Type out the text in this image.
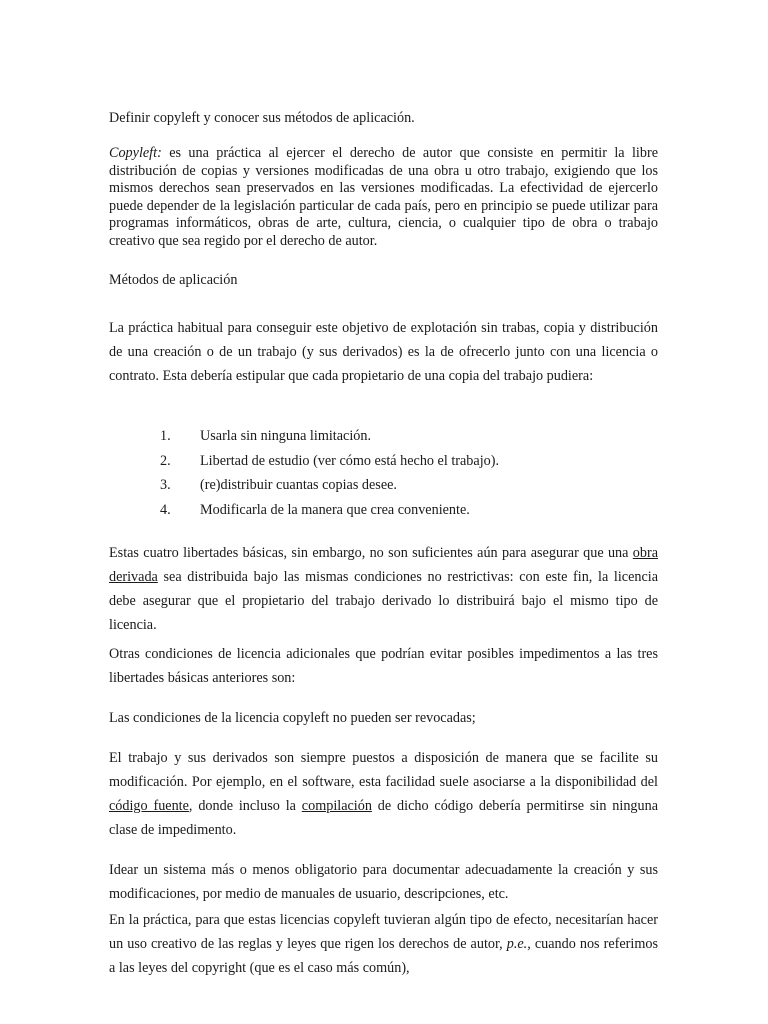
Definir copyleft y conocer sus métodos de aplicación.

Copyleft: es una práctica al ejercer el derecho de autor que consiste en permitir la libre distribución de copias y versiones modificadas de una obra u otro trabajo, exigiendo que los mismos derechos sean preservados en las versiones modificadas. La efectividad de ejercerlo puede depender de la legislación particular de cada país, pero en principio se puede utilizar para programas informáticos, obras de arte, cultura, ciencia, o cualquier tipo de obra o trabajo creativo que sea regido por el derecho de autor.

Métodos de aplicación

La práctica habitual para conseguir este objetivo de explotación sin trabas, copia y distribución de una creación o de un trabajo (y sus derivados) es la de ofrecerlo junto con una licencia o contrato. Esta debería estipular que cada propietario de una copia del trabajo pudiera:

1. Usarla sin ninguna limitación.
2. Libertad de estudio (ver cómo está hecho el trabajo).
3. (re)distribuir cuantas copias desee.
4. Modificarla de la manera que crea conveniente.

Estas cuatro libertades básicas, sin embargo, no son suficientes aún para asegurar que una obra derivada sea distribuida bajo las mismas condiciones no restrictivas: con este fin, la licencia debe asegurar que el propietario del trabajo derivado lo distribuirá bajo el mismo tipo de licencia.

Otras condiciones de licencia adicionales que podrían evitar posibles impedimentos a las tres libertades básicas anteriores son:

Las condiciones de la licencia copyleft no pueden ser revocadas;

El trabajo y sus derivados son siempre puestos a disposición de manera que se facilite su modificación. Por ejemplo, en el software, esta facilidad suele asociarse a la disponibilidad del código fuente, donde incluso la compilación de dicho código debería permitirse sin ninguna clase de impedimento.

Idear un sistema más o menos obligatorio para documentar adecuadamente la creación y sus modificaciones, por medio de manuales de usuario, descripciones, etc.

En la práctica, para que estas licencias copyleft tuvieran algún tipo de efecto, necesitarían hacer un uso creativo de las reglas y leyes que rigen los derechos de autor, p.e., cuando nos referimos a las leyes del copyright (que es el caso más común),
